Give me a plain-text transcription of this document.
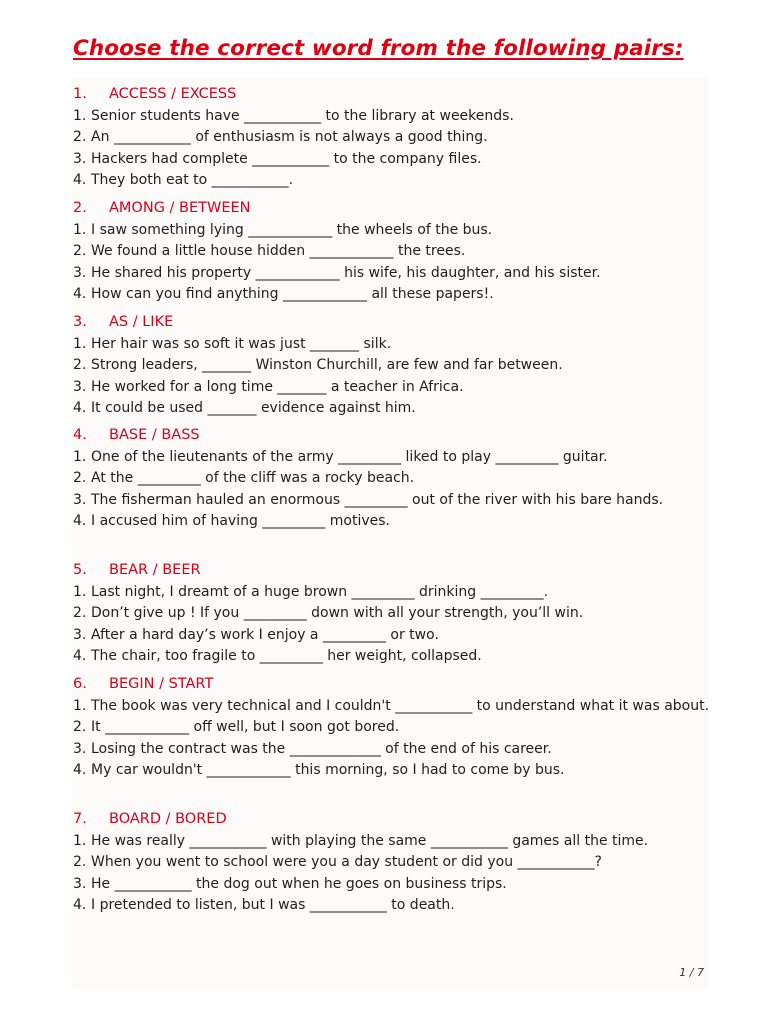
Choose the correct word from the following pairs:
1. ACCESS / EXCESS
1. Senior students have ___________ to the library at weekends.
2. An ___________ of enthusiasm is not always a good thing.
3. Hackers had complete ___________ to the company files.
4. They both eat to ___________.
2. AMONG / BETWEEN
1. I saw something lying ____________ the wheels of the bus.
2. We found a little house hidden ____________ the trees.
3. He shared his property ____________ his wife, his daughter, and his sister.
4. How can you find anything ____________ all these papers!.
3. AS / LIKE
1. Her hair was so soft it was just _______ silk.
2. Strong leaders, _______ Winston Churchill, are few and far between.
3. He worked for a long time _______ a teacher in Africa.
4. It could be used _______ evidence against him.
4. BASE / BASS
1. One of the lieutenants of the army _________ liked to play _________ guitar.
2. At the _________ of the cliff was a rocky beach.
3. The fisherman hauled an enormous _________ out of the river with his bare hands.
4. I accused him of having _________ motives.
5. BEAR / BEER
1. Last night, I dreamt of a huge brown _________ drinking _________.
2. Don’t give up ! If you _________ down with all your strength, you’ll win.
3. After a hard day’s work I enjoy a _________ or two.
4. The chair, too fragile to _________ her weight, collapsed.
6. BEGIN / START
1. The book was very technical and I couldn't ___________ to understand what it was about.
2. It ____________ off well, but I soon got bored.
3. Losing the contract was the _____________ of the end of his career.
4. My car wouldn't ____________ this morning, so I had to come by bus.
7. BOARD / BORED
1. He was really ___________ with playing the same ___________ games all the time.
2. When you went to school were you a day student or did you ___________?
3. He ___________ the dog out when he goes on business trips.
4. I pretended to listen, but I was ___________ to death.
1 / 7
